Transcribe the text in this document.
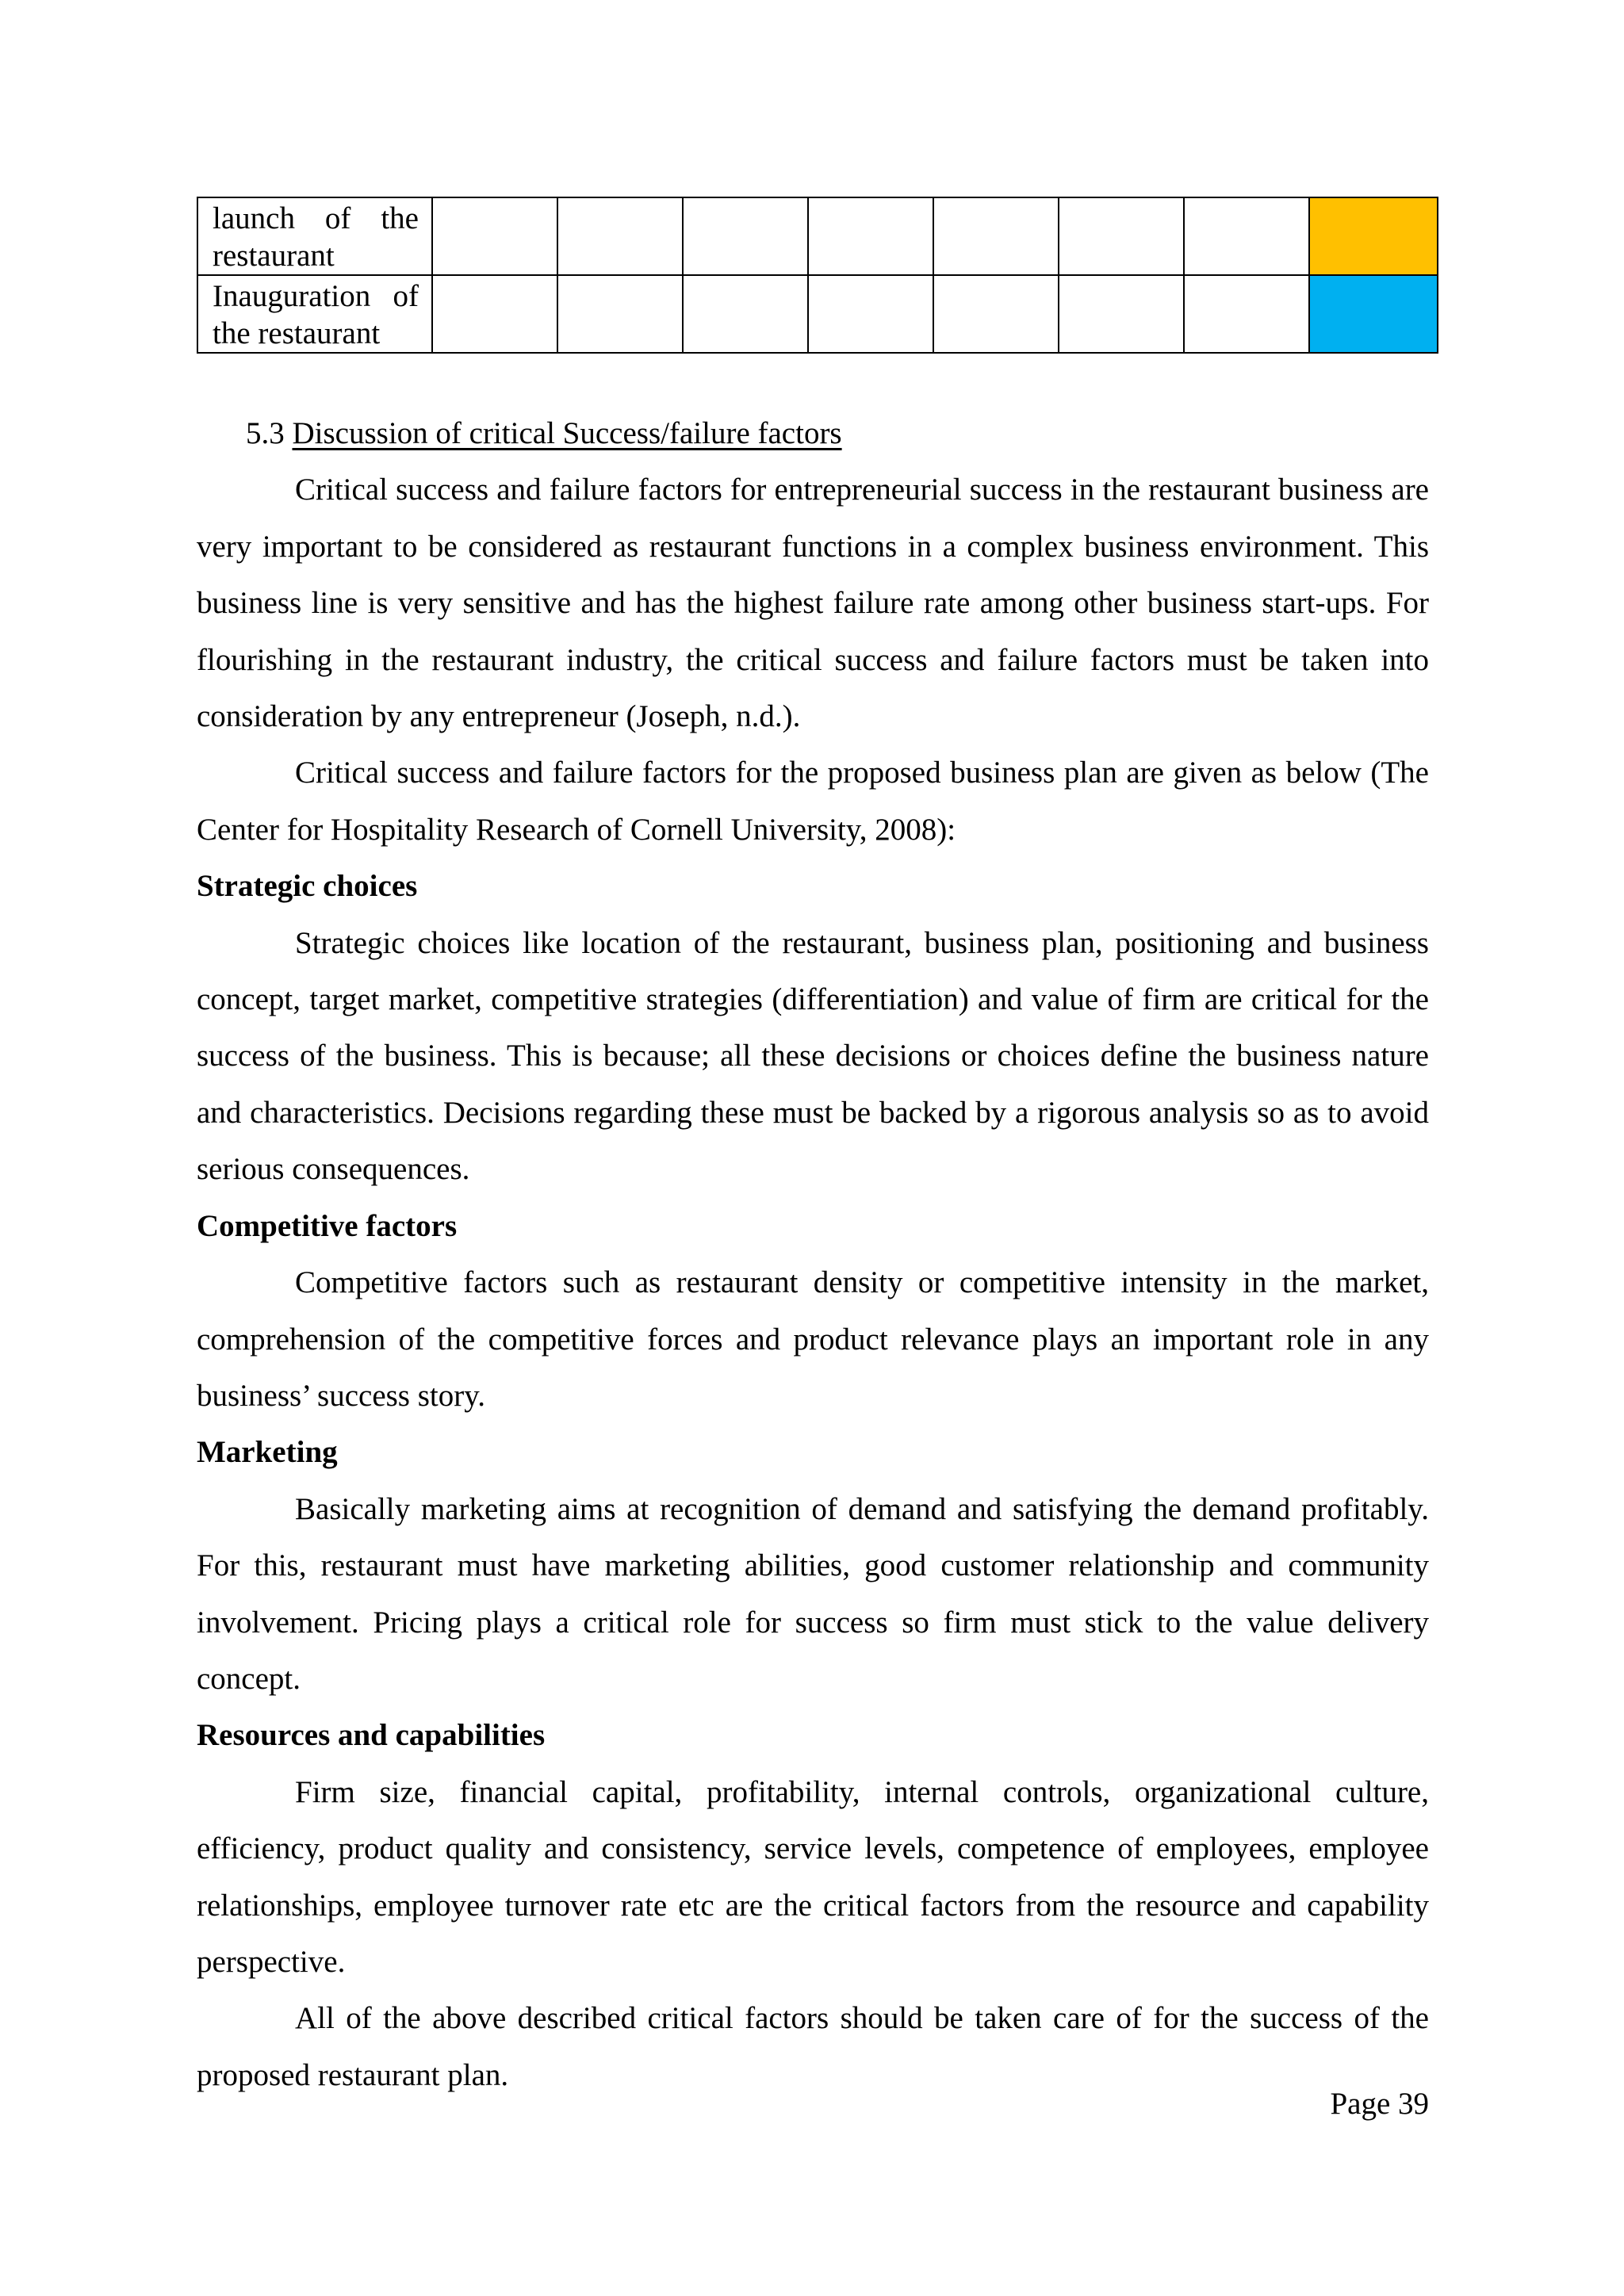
launch of the restaurant								
Inauguration of the restaurant								

5.3 Discussion of critical Success/failure factors

Critical success and failure factors for entrepreneurial success in the restaurant business are very important to be considered as restaurant functions in a complex business environment. This business line is very sensitive and has the highest failure rate among other business start-ups. For flourishing in the restaurant industry, the critical success and failure factors must be taken into consideration by any entrepreneur (Joseph, n.d.).

Critical success and failure factors for the proposed business plan are given as below (The Center for Hospitality Research of Cornell University, 2008):

Strategic choices

Strategic choices like location of the restaurant, business plan, positioning and business concept, target market, competitive strategies (differentiation) and value of firm are critical for the success of the business. This is because; all these decisions or choices define the business nature and characteristics. Decisions regarding these must be backed by a rigorous analysis so as to avoid serious consequences.

Competitive factors

Competitive factors such as restaurant density or competitive intensity in the market, comprehension of the competitive forces and product relevance plays an important role in any business’ success story.

Marketing

Basically marketing aims at recognition of demand and satisfying the demand profitably. For this, restaurant must have marketing abilities, good customer relationship and community involvement. Pricing plays a critical role for success so firm must stick to the value delivery concept.

Resources and capabilities

Firm size, financial capital, profitability, internal controls, organizational culture, efficiency, product quality and consistency, service levels, competence of employees, employee relationships, employee turnover rate etc are the critical factors from the resource and capability perspective.

All of the above described critical factors should be taken care of for the success of the proposed restaurant plan.

Page 39
